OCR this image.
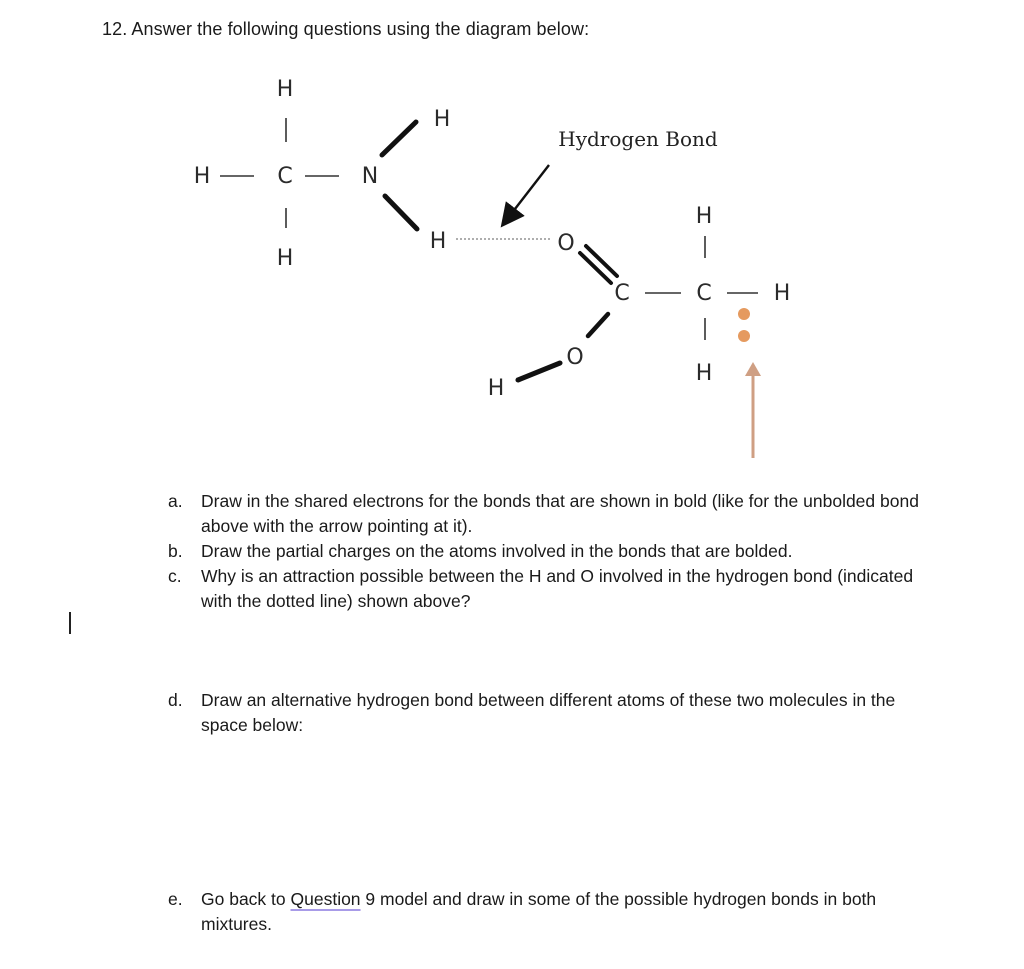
12. Answer the following questions using the diagram below:
H
H	C	N
H
H
H
Hydrogen Bond
O
C	C
H
H
H
O
H
a.	Draw in the shared electrons for the bonds that are shown in bold (like for the unbolded bond above with the arrow pointing at it).
b.	Draw the partial charges on the atoms involved in the bonds that are bolded.
c.	Why is an attraction possible between the H and O involved in the hydrogen bond (indicated with the dotted line) shown above?
d.	Draw an alternative hydrogen bond between different atoms of these two molecules in the space below:
e.	Go back to Question 9 model and draw in some of the possible hydrogen bonds in both mixtures.
